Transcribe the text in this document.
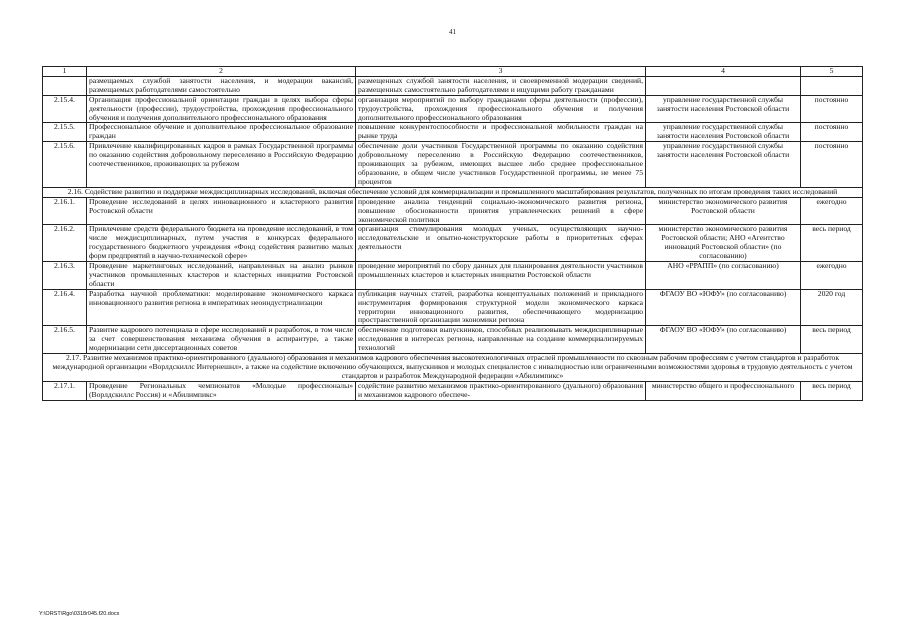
41
1	2	3	4	5
	размещаемых службой занятости населения, и модерации вакансий, размещаемых работодателями самостоятельно	размещенных службой занятости населения, и своевременной модерации сведений, размещенных самостоятельно работодателями и ищущими работу гражданами		
2.15.4.	Организация профессиональной ориентации граждан в целях выбора сферы деятельности (профессии), трудоустройства, прохождения профессионального обучения и получения дополнительного профессионального образования	организация мероприятий по выбору гражданами сферы деятельности (профессии), трудоустройства, прохождения профессионального обучения и получения дополнительного профессионального образования	управление государственной службы занятости населения Ростовской области	постоянно
2.15.5.	Профессиональное обучение и дополнительное профессиональное образование граждан	повышение конкурентоспособности и профессиональной мобильности граждан на рынке труда	управление государственной службы занятости населения Ростовской области	постоянно
2.15.6.	Привлечение квалифицированных кадров в рамках Государственной программы по оказанию содействия добровольному переселению в Российскую Федерацию соотечественников, проживающих за рубежом	обеспечение доли участников Государственной программы по оказанию содействия добровольному переселению в Российскую Федерацию соотечественников, проживающих за рубежом, имеющих высшее либо среднее профессиональное образование, в общем числе участников Государственной программы, не менее 75 процентов	управление государственной службы занятости населения Ростовской области	постоянно
2.16. Содействие развитию и поддержке междисциплинарных исследований, включая обеспечение условий для коммерциализации и промышленного масштабирования результатов, полученных по итогам проведения таких исследований				
2.16.1.	Проведение исследований в целях инновационного и кластерного развития Ростовской области	проведение анализа тенденций социально-экономического развития региона, повышение обоснованности принятия управленческих решений в сфере экономической политики	министерство экономического развития Ростовской области	ежегодно
2.16.2.	Привлечение средств федерального бюджета на проведение исследований, в том числе междисциплинарных, путем участия в конкурсах федерального государственного бюджетного учреждения «Фонд содействия развитию малых форм предприятий в научно-технической сфере»	организация стимулирования молодых ученых, осуществляющих научно-исследовательские и опытно-конструкторские работы в приоритетных сферах деятельности	министерство экономического развития Ростовской области; АНО «Агентство инноваций Ростовской области» (по согласованию)	весь период
2.16.3.	Проведение маркетинговых исследований, направленных на анализ рынков участников промышленных кластеров и кластерных инициатив Ростовской области	проведение мероприятий по сбору данных для планирования деятельности участников промышленных кластеров и кластерных инициатив Ростовской области	АНО «РРАПП» (по согласованию)	ежегодно
2.16.4.	Разработка научной проблематики: моделирование экономического каркаса инновационного развития региона в императивах неоиндустриализации	публикация научных статей, разработка концептуальных положений и прикладного инструментария формирования структурной модели экономического каркаса территории инновационного развития, обеспечивающего модернизацию пространственной организации экономики региона	ФГАОУ ВО «ЮФУ» (по согласованию)	2020 год
2.16.5.	Развитие кадрового потенциала в сфере исследований и разработок, в том числе за счет совершенствования механизма обучения в аспирантуре, а также модернизации сети диссертационных советов	обеспечение подготовки выпускников, способных реализовывать междисциплинарные исследования в интересах региона, направленные на создание коммерциализируемых технологий	ФГАОУ ВО «ЮФУ» (по согласованию)	весь период
2.17. Развитие механизмов практико-ориентированного (дуального) образования и механизмов кадрового обеспечения высокотехнологичных отраслей промышленности по сквозным рабочим профессиям с учетом стандартов и разработок международной организации «Ворлдскиллс Интернешнл», а также на содействие включению обучающихся, выпускников и молодых специалистов с инвалидностью или ограниченными возможностями здоровья в трудовую деятельность с учетом стандартов и разработок Международной федерации «Абилимпикс»				
2.17.1.	Проведение Региональных чемпионатов «Молодые профессионалы» (Ворлдскиллс Россия) и «Абилимпикс»	содействие развитию механизмов практико-ориентированного (дуального) образования и механизмов кадрового обеспече-	министерство общего и профессионального	весь период
Y:\ORST\Rgo\0318r045.f20.docx
